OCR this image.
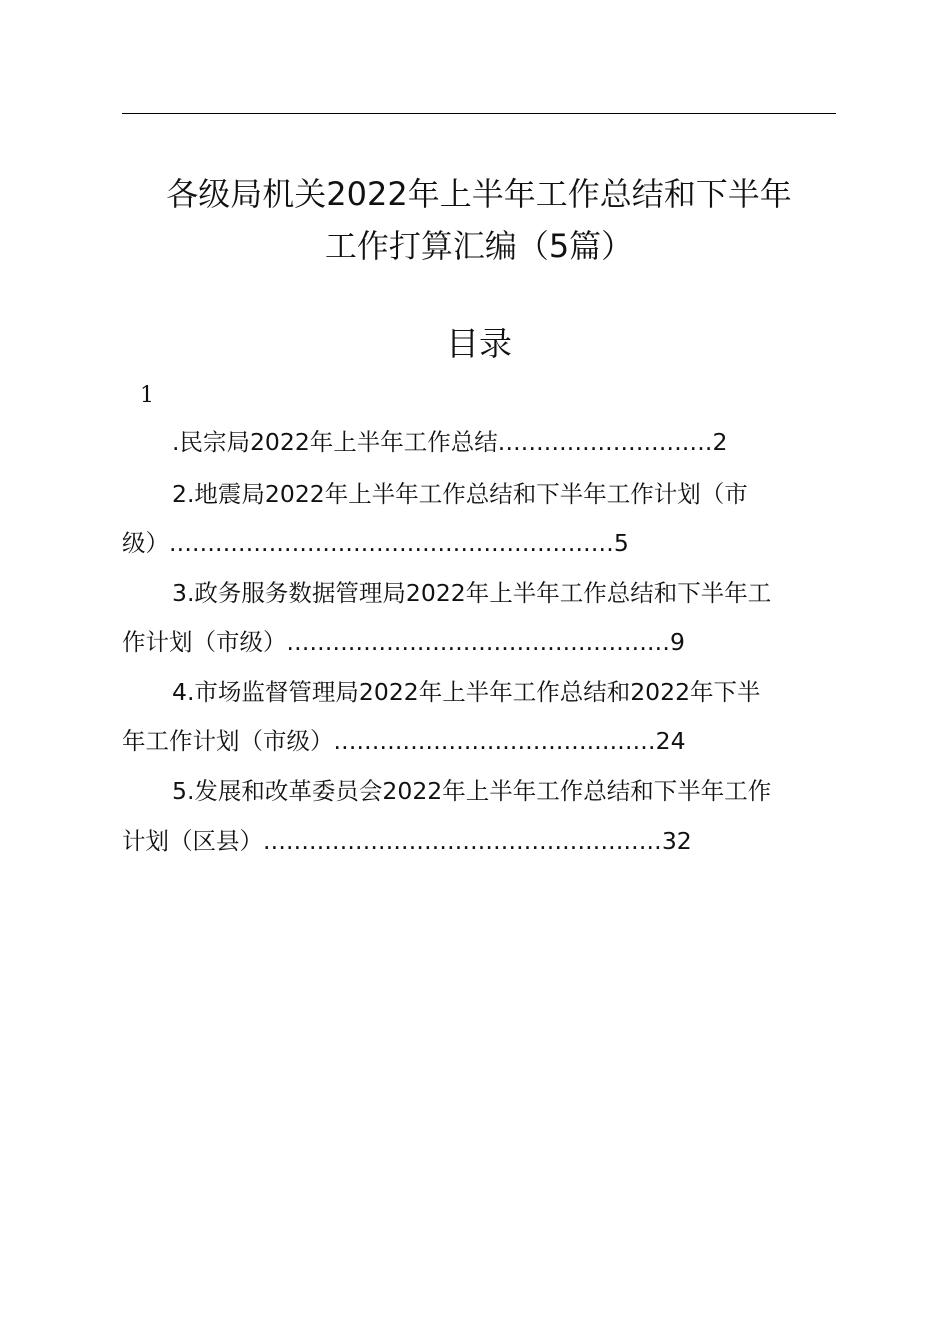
各级局机关2022年上半年工作总结和下半年
工作打算汇编（5篇）
目录
1
.民宗局2022年上半年工作总结............................2
2.地震局2022年上半年工作总结和下半年工作计划（市
级）..........................................................5
3.政务服务数据管理局2022年上半年工作总结和下半年工
作计划（市级）..................................................9
4.市场监督管理局2022年上半年工作总结和2022年下半
年工作计划（市级）..........................................24
5.发展和改革委员会2022年上半年工作总结和下半年工作
计划（区县）....................................................32
